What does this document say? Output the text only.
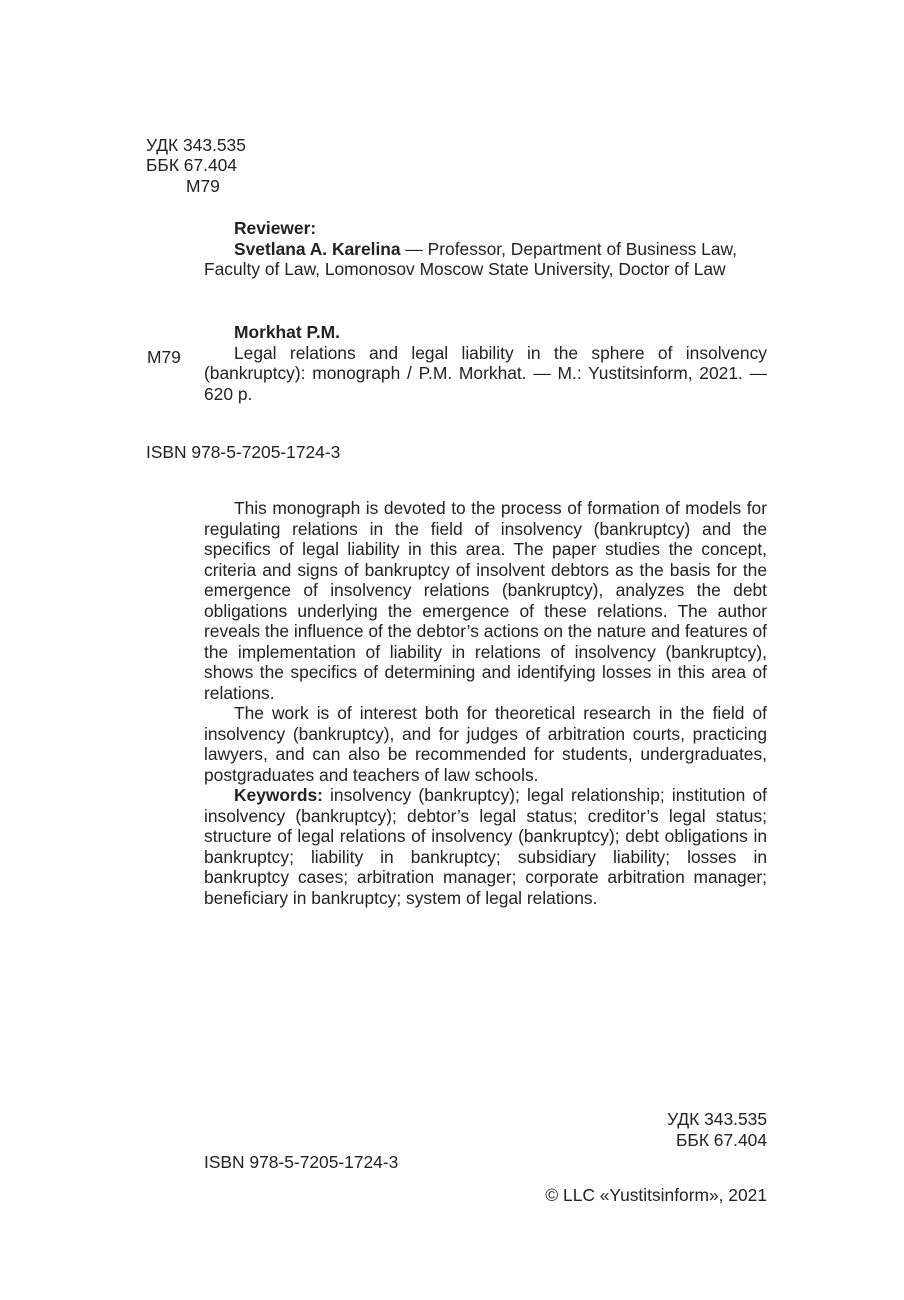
УДК 343.535
ББК 67.404
М79
Reviewer:
Svetlana A. Karelina — Professor, Department of Business Law, Faculty of Law, Lomonosov Moscow State University, Doctor of Law
Morkhat P.M.
Legal relations and legal liability in the sphere of insolvency (bankruptcy): monograph / P.M. Morkhat. — M.: Yustitsinform, 2021. — 620 p.
М79
ISBN 978-5-7205-1724-3

This monograph is devoted to the process of formation of models for regulating relations in the field of insolvency (bankruptcy) and the specifics of legal liability in this area. The paper studies the concept, criteria and signs of bankruptcy of insolvent debtors as the basis for the emergence of insolvency relations (bankruptcy), analyzes the debt obligations underlying the emergence of these relations. The author reveals the influence of the debtor’s actions on the nature and features of the implementation of liability in relations of insolvency (bankruptcy), shows the specifics of determining and identifying losses in this area of relations.

The work is of interest both for theoretical research in the field of insolvency (bankruptcy), and for judges of arbitration courts, practicing lawyers, and can also be recommended for students, undergraduates, postgraduates and teachers of law schools.

Keywords: insolvency (bankruptcy); legal relationship; institution of insolvency (bankruptcy); debtor’s legal status; creditor’s legal status; structure of legal relations of insolvency (bankruptcy); debt obligations in bankruptcy; liability in bankruptcy; subsidiary liability; losses in bankruptcy cases; arbitration manager; corporate arbitration manager; beneficiary in bankruptcy; system of legal relations.

УДК 343.535
ББК 67.404
ISBN 978-5-7205-1724-3
© LLC «Yustitsinform», 2021
